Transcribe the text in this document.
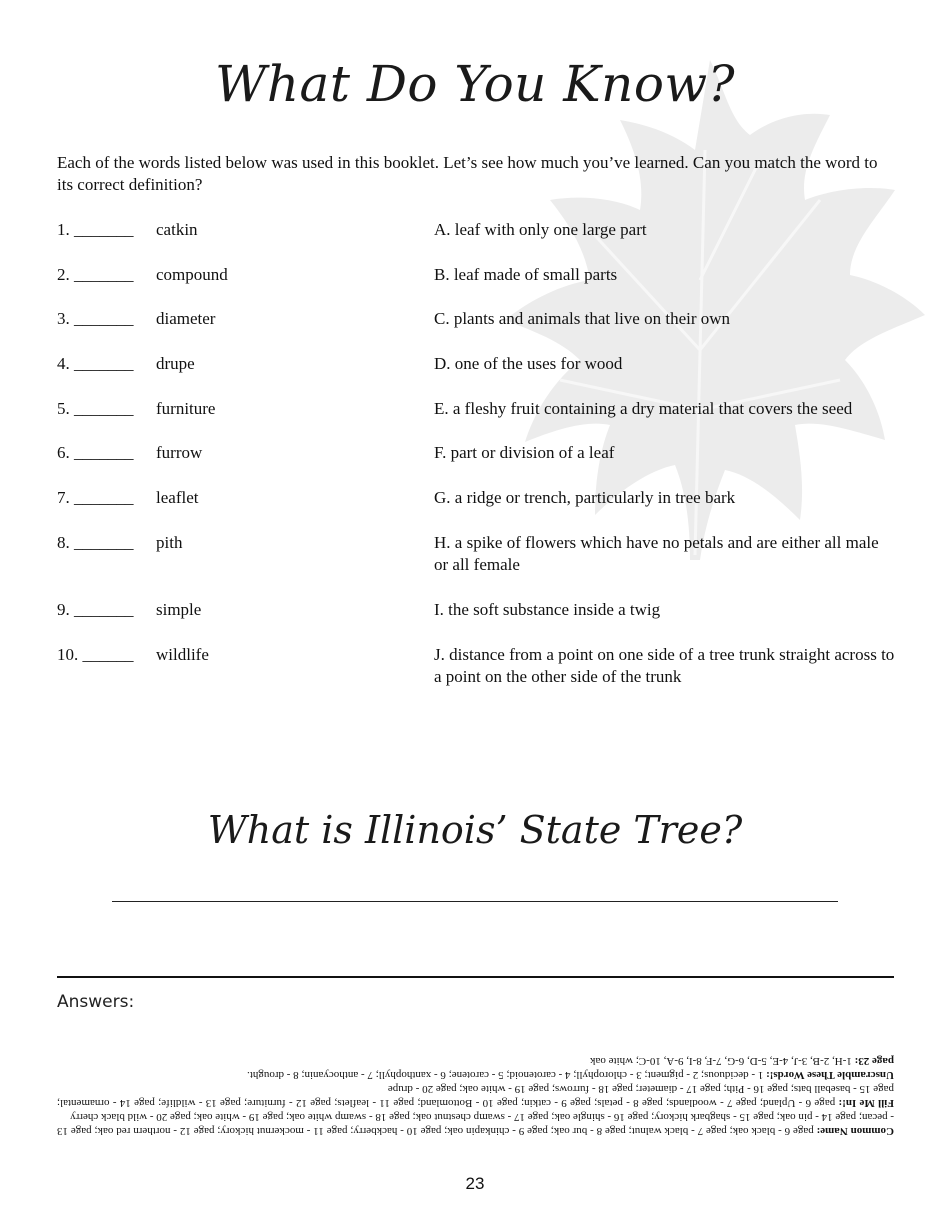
What Do You Know?
Each of the words listed below was used in this booklet. Let’s see how much you’ve learned. Can you match the word to its correct definition?
1. _______ catkin	A. leaf with only one large part
2. _______ compound	B. leaf made of small parts
3. _______ diameter	C. plants and animals that live on their own
4. _______ drupe	D. one of the uses for wood
5. _______ furniture	E. a fleshy fruit containing a dry material that covers the seed
6. _______ furrow	F. part or division of a leaf
7. _______ leaflet	G. a ridge or trench, particularly in tree bark
8. _______ pith	H. a spike of flowers which have no petals and are either all male or all female
9. _______ simple	I. the soft substance inside a twig
10. ______ wildlife	J. distance from a point on one side of a tree trunk straight across to a point on the other side of the trunk
What is Illinois’ State Tree?
Answers:

Common Name: page 6 - black oak; page 7 - black walnut; page 8 - bur oak; page 9 - chinkapin oak; page 10 - hackberry; page 11 - mockernut hickory; page 12 - northern red oak; page 13 - pecan; page 14 - pin oak; page 15 - shagbark hickory; page 16 - shingle oak; page 17 - swamp chestnut oak; page 18 - swamp white oak; page 19 - white oak; page 20 - wild black cherry

Fill Me In!: page 6 - Upland; page 7 - woodlands; page 8 - petals; page 9 - catkin; page 10 - Bottomland; page 11 - leaflets; page 12 - furniture; page 13 - wildlife; page 14 - ornamental; page 15 - baseball bats; page 16 - Pith; page 17 - diameter; page 18 - furrows; page 19 - white oak; page 20 - drupe

Unscramble These Words!: 1 - deciduous; 2 - pigment; 3 - chlorophyll; 4 - carotenoid; 5 - carotene; 6 - xanthophyll; 7 - anthocyanin; 8 - drought.

page 23: 1-H, 2-B, 3-J, 4-E, 5-D, 6-G, 7-F, 8-I, 9-A, 10-C; white oak

23
